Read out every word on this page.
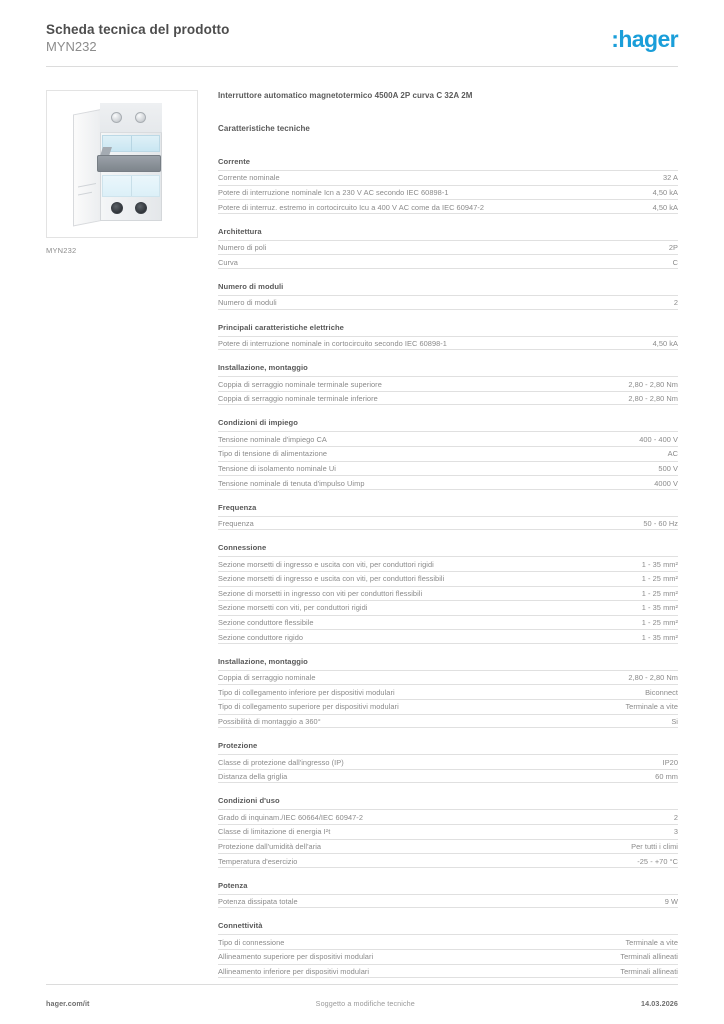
Scheda tecnica del prodotto
MYN232	:hager
MYN232
Interruttore automatico magnetotermico 4500A 2P curva C 32A 2M
Caratteristiche tecniche
Corrente
Corrente nominale	32 A
Potere di interruzione nominale Icn a 230 V AC secondo IEC 60898-1	4,50 kA
Potere di interruz. estremo in cortocircuito Icu a 400 V AC come da IEC 60947-2	4,50 kA
Architettura
Numero di poli	2P
Curva	C
Numero di moduli
Numero di moduli	2
Principali caratteristiche elettriche
Potere di interruzione nominale in cortocircuito secondo IEC 60898-1	4,50 kA
Installazione, montaggio
Coppia di serraggio nominale terminale superiore	2,80 - 2,80 Nm
Coppia di serraggio nominale terminale inferiore	2,80 - 2,80 Nm
Condizioni di impiego
Tensione nominale d'impiego CA	400 - 400 V
Tipo di tensione di alimentazione	AC
Tensione di isolamento nominale Ui	500 V
Tensione nominale di tenuta d'impulso Uimp	4000 V
Frequenza
Frequenza	50 - 60 Hz
Connessione
Sezione morsetti di ingresso e uscita con viti, per conduttori rigidi	1 - 35 mm²
Sezione morsetti di ingresso e uscita con viti, per conduttori flessibili	1 - 25 mm²
Sezione di morsetti in ingresso con viti per conduttori flessibili	1 - 25 mm²
Sezione morsetti con viti, per conduttori rigidi	1 - 35 mm²
Sezione conduttore flessibile	1 - 25 mm²
Sezione conduttore rigido	1 - 35 mm²
Installazione, montaggio
Coppia di serraggio nominale	2,80 - 2,80 Nm
Tipo di collegamento inferiore per dispositivi modulari	Biconnect
Tipo di collegamento superiore per dispositivi modulari	Terminale a vite
Possibilità di montaggio a 360°	Si
Protezione
Classe di protezione dall'ingresso (IP)	IP20
Distanza della griglia	60 mm
Condizioni d'uso
Grado di inquinam./IEC 60664/IEC 60947-2	2
Classe di limitazione di energia I²t	3
Protezione dall'umidità dell'aria	Per tutti i climi
Temperatura d'esercizio	-25 - +70 °C
Potenza
Potenza dissipata totale	9 W
Connettività
Tipo di connessione	Terminale a vite
Allineamento superiore per dispositivi modulari	Terminali allineati
Allineamento inferiore per dispositivi modulari	Terminali allineati
hager.com/it	Soggetto a modifiche tecniche	14.03.2026
